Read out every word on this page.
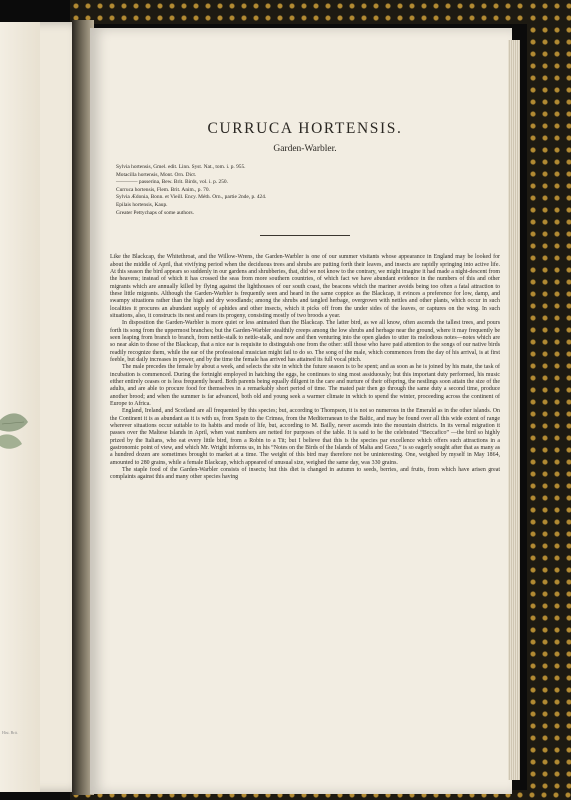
Hist. Brit.
CURRUCA HORTENSIS.
Garden-Warbler.
Sylvia hortensis, Gmel. edit. Linn. Syst. Nat., tom. i. p. 955.
Motacilla hortensis, Mont. Orn. Dict.
———— passerina, Bew. Brit. Birds, vol. i. p. 250.
Curruca hortensis, Flem. Brit. Anim., p. 70.
Sylvia Ædonia, Bonn. et Vieill. Ency. Méth. Orn., partie 2nde, p. 424.
Epilais hortensis, Kaup.
Greater Pettychaps of some authors.

Like the Blackcap, the Whitethroat, and the Willow-Wrens, the Garden-Warbler is one of our summer visitants whose appearance in England may be looked for about the middle of April, that vivifying period when the deciduous trees and shrubs are putting forth their leaves, and insects are rapidly springing into active life. At this season the bird appears so suddenly in our gardens and shrubberies, that, did we not know to the contrary, we might imagine it had made a night-descent from the heavens; instead of which it has crossed the seas from more southern countries, of which fact we have abundant evidence in the numbers of this and other migrants which are annually killed by flying against the lighthouses of our south coast, the beacons which the mariner avoids being too often a fatal attraction to these little migrants. Although the Garden-Warbler is frequently seen and heard in the same coppice as the Blackcap, it evinces a preference for low, damp, and swampy situations rather than the high and dry woodlands; among the shrubs and tangled herbage, overgrown with nettles and other plants, which occur in such localities it procures an abundant supply of aphides and other insects, which it picks off from the under sides of the leaves, or captures on the wing. In such situations, also, it constructs its nest and rears its progeny, consisting mostly of two broods a year.

In disposition the Garden-Warbler is more quiet or less animated than the Blackcap. The latter bird, as we all know, often ascends the tallest trees, and pours forth its song from the uppermost branches; but the Garden-Warbler stealthily creeps among the low shrubs and herbage near the ground, where it may frequently be seen leaping from branch to branch, from nettle-stalk to nettle-stalk, and now and then venturing into the open glades to utter its melodious notes—notes which are so near akin to those of the Blackcap, that a nice ear is requisite to distinguish one from the other: still those who have paid attention to the songs of our native birds readily recognize them, while the ear of the professional musician might fail to do so. The song of the male, which commences from the day of his arrival, is at first feeble, but daily increases in power, and by the time the female has arrived has attained its full vocal pitch.

The male precedes the female by about a week, and selects the site in which the future season is to be spent; and as soon as he is joined by his mate, the task of incubation is commenced. During the fortnight employed in hatching the eggs, he continues to sing most assiduously; but this important duty performed, his music either entirely ceases or is less frequently heard. Both parents being equally diligent in the care and nurture of their offspring, the nestlings soon attain the size of the adults, and are able to procure food for themselves in a remarkably short period of time. The mated pair then go through the same duty a second time, produce another brood; and when the summer is far advanced, both old and young seek a warmer climate in which to spend the winter, proceeding across the continent of Europe to Africa.

England, Ireland, and Scotland are all frequented by this species; but, according to Thompson, it is not so numerous in the Emerald as in the other islands. On the Continent it is as abundant as it is with us, from Spain to the Crimea, from the Mediterranean to the Baltic, and may be found over all this wide extent of range wherever situations occur suitable to its habits and mode of life, but, according to M. Bailly, never ascends into the mountain districts. In its vernal migration it passes over the Maltese Islands in April, when vast numbers are netted for purposes of the table. It is said to be the celebrated “Beccafico” —the bird so highly prized by the Italians, who eat every little bird, from a Robin to a Tit; but I believe that this is the species par excellence which offers such attractions in a gastronomic point of view, and which Mr. Wright informs us, in his “Notes on the Birds of the Islands of Malta and Gozo,” is so eagerly sought after that as many as a hundred dozen are sometimes brought to market at a time. The weight of this bird may therefore not be uninteresting. One, weighed by myself in May 1864, amounted to 280 grains, while a female Blackcap, which appeared of unusual size, weighed the same day, was 330 grains.

The staple food of the Garden-Warbler consists of insects; but this diet is changed in autumn to seeds, berries, and fruits, from which have arisen great complaints against this and many other species having
